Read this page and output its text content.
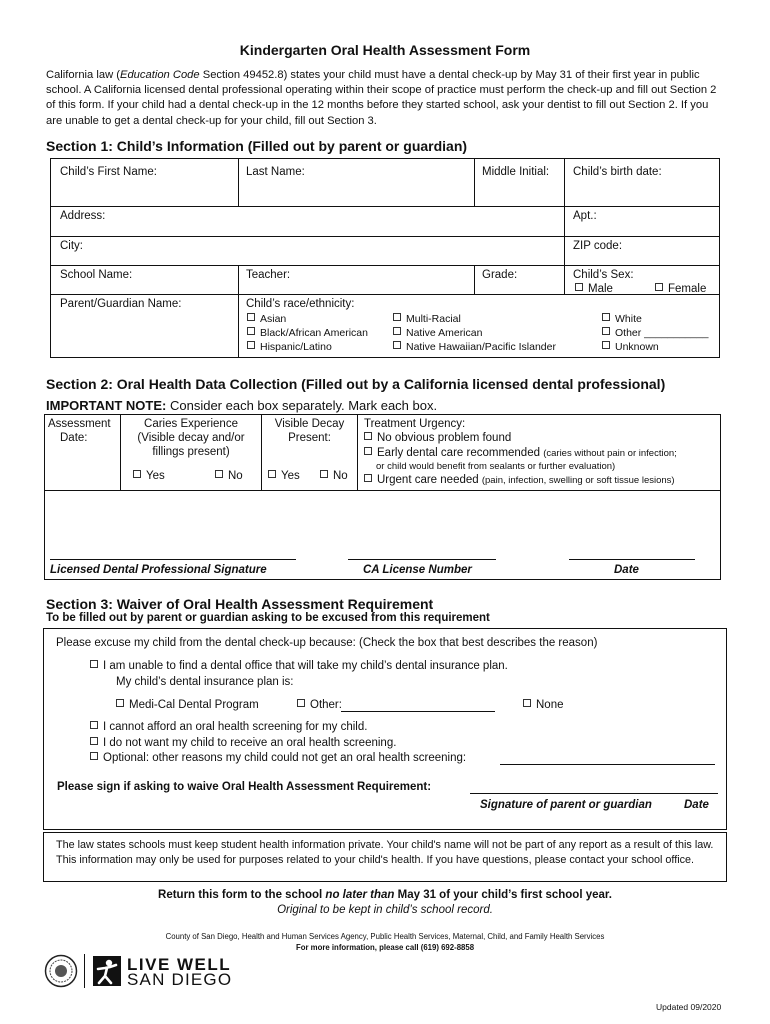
Kindergarten Oral Health Assessment Form
California law (Education Code Section 49452.8) states your child must have a dental check-up by May 31 of their first year in public school. A California licensed dental professional operating within their scope of practice must perform the check-up and fill out Section 2 of this form. If your child had a dental check-up in the 12 months before they started school, ask your dentist to fill out Section 2. If you are unable to get a dental check-up for your child, fill out Section 3.
Section 1: Child’s Information (Filled out by parent or guardian)
Child’s First Name:	Last Name:	Middle Initial: Child’s birth date:
Address:	Apt.:
City:	ZIP code:
School Name:	Teacher:	Grade:	Child’s Sex:
Male	Female
Parent/Guardian Name:	Child’s race/ethnicity:
Asian
Black/African American
Hispanic/Latino
Multi-Racial
Native American
Native Hawaiian/Pacific Islander
White
Other ___________
Unknown
Section 2: Oral Health Data Collection (Filled out by a California licensed dental professional)
IMPORTANT NOTE: Consider each box separately. Mark each box.
Assessment
Date:
Caries Experience
(Visible decay and/or
fillings present)
Yes	No
Visible Decay
Present:
Yes	No
Treatment Urgency:
No obvious problem found
Early dental care recommended (caries without pain or infection;
or child would benefit from sealants or further evaluation)
Urgent care needed (pain, infection, swelling or soft tissue lesions)
Licensed Dental Professional Signature	CA License Number	Date
Section 3: Waiver of Oral Health Assessment Requirement
To be filled out by parent or guardian asking to be excused from this requirement
Please excuse my child from the dental check-up because: (Check the box that best describes the reason)
I am unable to find a dental office that will take my child’s dental insurance plan.
My child’s dental insurance plan is:
Medi-Cal Dental Program	Other:	None
I cannot afford an oral health screening for my child.
I do not want my child to receive an oral health screening.
Optional: other reasons my child could not get an oral health screening:
Please sign if asking to waive Oral Health Assessment Requirement:
Signature of parent or guardian	Date
The law states schools must keep student health information private. Your child's name will not be part of any report as a result of this law. This information may only be used for purposes related to your child's health. If you have questions, please contact your school office.
Return this form to the school no later than May 31 of your child’s first school year.
Original to be kept in child’s school record.
County of San Diego, Health and Human Services Agency, Public Health Services, Maternal, Child, and Family Health Services
For more information, please call (619) 692-8858
LIVE WELL
SAN DIEGO
Updated 09/2020
